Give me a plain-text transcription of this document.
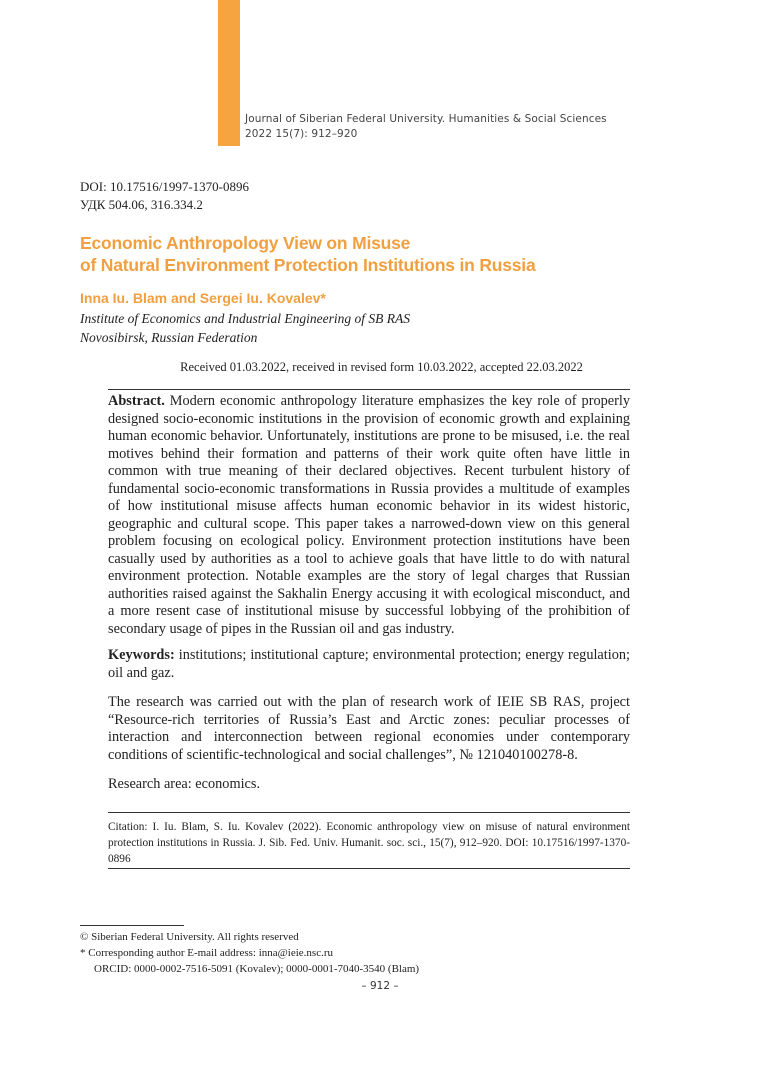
Journal of Siberian Federal University. Humanities & Social Sciences
2022 15(7): 912–920
DOI: 10.17516/1997-1370-0896
УДК 504.06, 316.334.2
Economic Anthropology View on Misuse
of Natural Environment Protection Institutions in Russia
Inna Iu. Blam and Sergei Iu. Kovalev*
Institute of Economics and Industrial Engineering of SB RAS
Novosibirsk, Russian Federation
Received 01.03.2022, received in revised form 10.03.2022, accepted 22.03.2022
Abstract. Modern economic anthropology literature emphasizes the key role of properly designed socio-economic institutions in the provision of economic growth and explaining human economic behavior. Unfortunately, institutions are prone to be misused, i.e. the real motives behind their formation and patterns of their work quite often have little in common with true meaning of their declared objectives. Recent turbulent history of fundamental socio-economic transformations in Russia provides a multitude of examples of how institutional misuse affects human economic behavior in its widest historic, geographic and cultural scope. This paper takes a narrowed-down view on this general problem focusing on ecological policy. Environment protection institutions have been casually used by authorities as a tool to achieve goals that have little to do with natural environment protection. Notable examples are the story of legal charges that Russian authorities raised against the Sakhalin Energy accusing it with ecological misconduct, and a more resent case of institutional misuse by successful lobbying of the prohibition of secondary usage of pipes in the Russian oil and gas industry.
Keywords: institutions; institutional capture; environmental protection; energy regulation; oil and gaz.
The research was carried out with the plan of research work of IEIE SB RAS, project “Resource-rich territories of Russia’s East and Arctic zones: peculiar processes of interaction and interconnection between regional economies under contemporary conditions of scientific-technological and social challenges”, № 121040100278-8.
Research area: economics.
Citation: I. Iu. Blam, S. Iu. Kovalev (2022). Economic anthropology view on misuse of natural environment protection institutions in Russia. J. Sib. Fed. Univ. Humanit. soc. sci., 15(7), 912–920. DOI: 10.17516/1997-1370-0896
© Siberian Federal University. All rights reserved
* Corresponding author E-mail address: inna@ieie.nsc.ru
ORCID: 0000-0002-7516-5091 (Kovalev); 0000-0001-7040-3540 (Blam)
– 912 –
